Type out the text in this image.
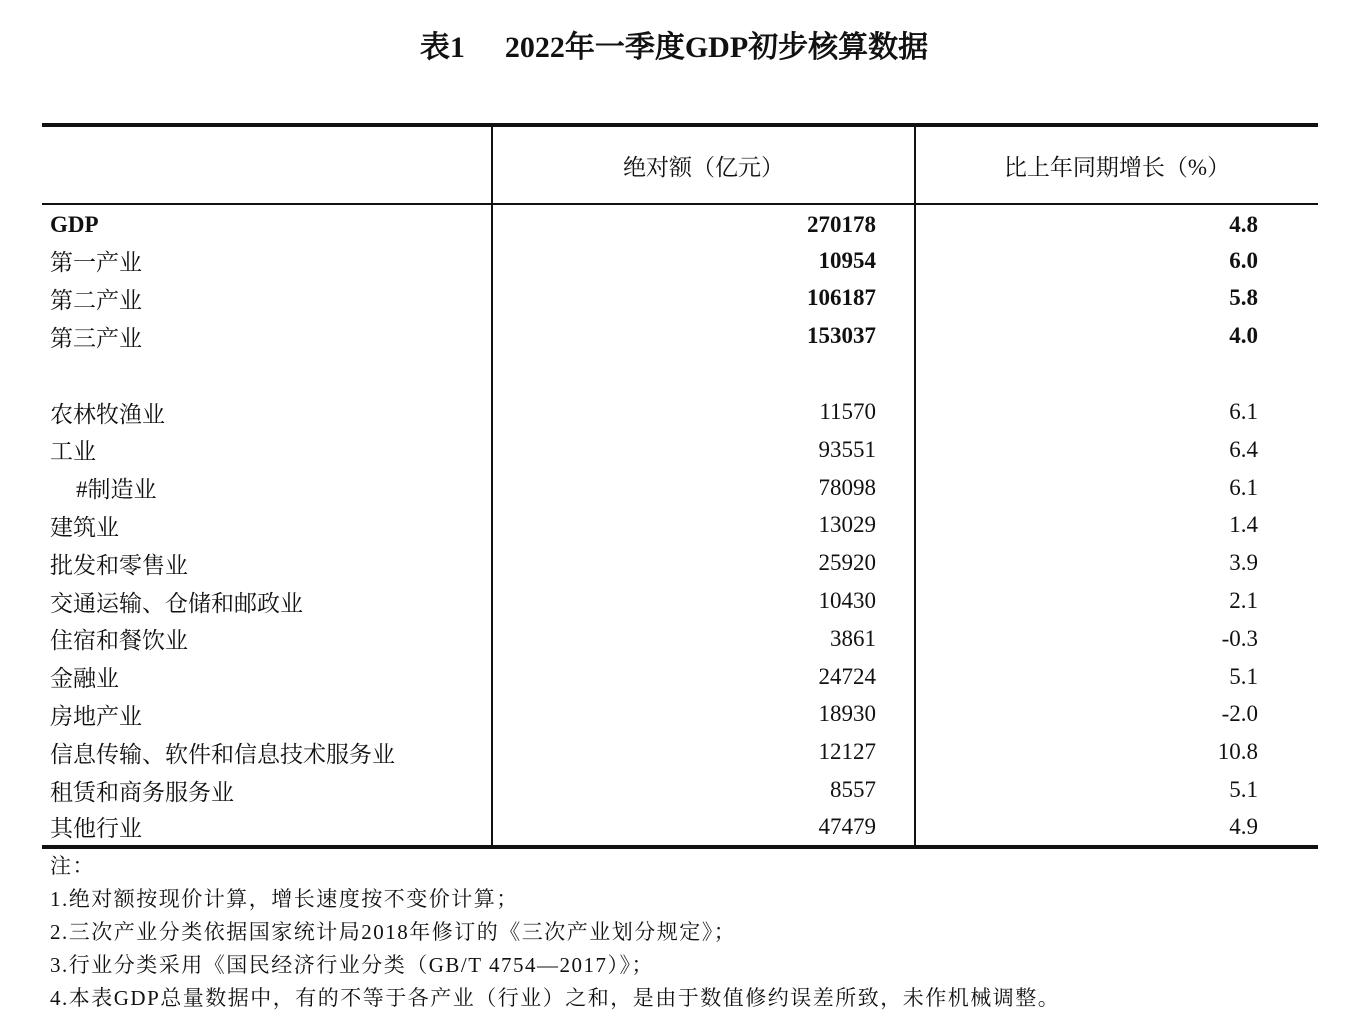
表1 2022年一季度GDP初步核算数据
	绝对额（亿元）	比上年同期增长（%）
GDP	270178	4.8
第一产业	10954	6.0
第二产业	106187	5.8
第三产业	153037	4.0

农林牧渔业	11570	6.1
工业	93551	6.4
#制造业	78098	6.1
建筑业	13029	1.4
批发和零售业	25920	3.9
交通运输、仓储和邮政业	10430	2.1
住宿和餐饮业	3861	-0.3
金融业	24724	5.1
房地产业	18930	-2.0
信息传输、软件和信息技术服务业	12127	10.8
租赁和商务服务业	8557	5.1
其他行业	47479	4.9
注：
1.绝对额按现价计算，增长速度按不变价计算；
2.三次产业分类依据国家统计局2018年修订的《三次产业划分规定》；
3.行业分类采用《国民经济行业分类（GB/T 4754—2017）》；
4.本表GDP总量数据中，有的不等于各产业（行业）之和，是由于数值修约误差所致，未作机械调整。
